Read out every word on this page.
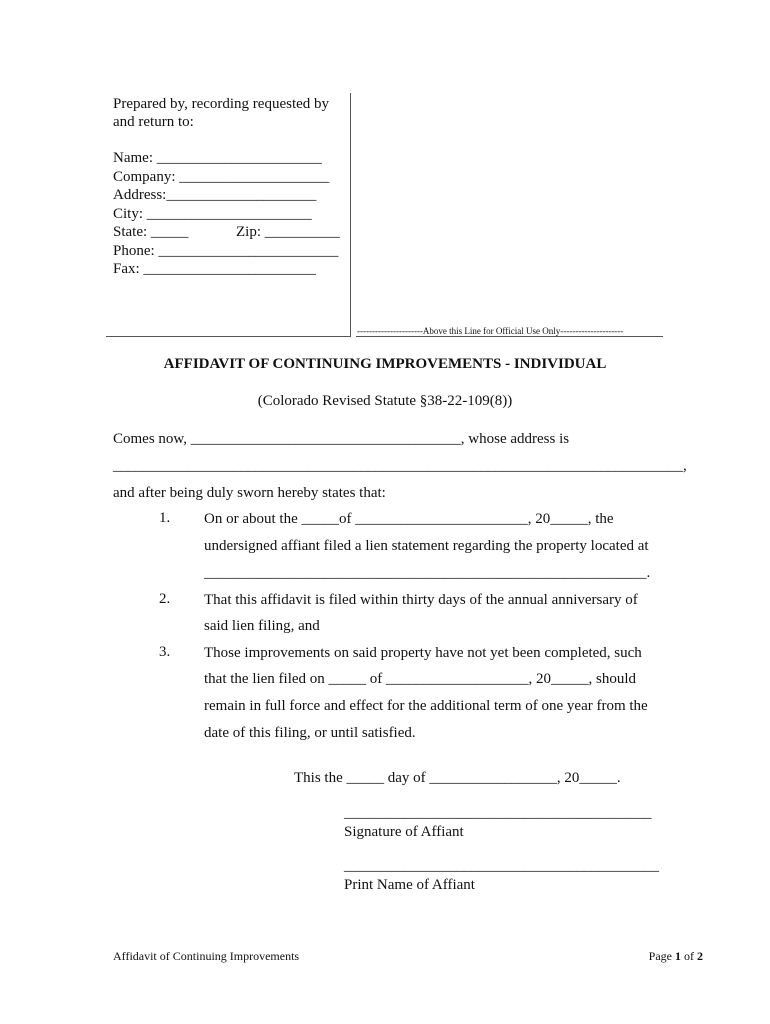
Prepared by, recording requested by
and return to:
Name: ______________________
Company: ____________________
Address:____________________
City: ______________________
State: _____	Zip: __________
Phone: ________________________
Fax: _______________________
----------------------Above this Line for Official Use Only---------------------
AFFIDAVIT OF CONTINUING IMPROVEMENTS - INDIVIDUAL
(Colorado Revised Statute §38-22-109(8))
Comes now, ____________________________________, whose address is
____________________________________________________________________________,
and after being duly sworn hereby states that:
1. On or about the _____of _______________________, 20_____, the
undersigned affiant filed a lien statement regarding the property located at
___________________________________________________________.
2. That this affidavit is filed within thirty days of the annual anniversary of
said lien filing, and
3. Those improvements on said property have not yet been completed, such
that the lien filed on _____ of ___________________, 20_____, should
remain in full force and effect for the additional term of one year from the
date of this filing, or until satisfied.
This the _____ day of _________________, 20_____.
_________________________________________
Signature of Affiant
__________________________________________
Print Name of Affiant
Affidavit of Continuing Improvements	Page 1 of 2
